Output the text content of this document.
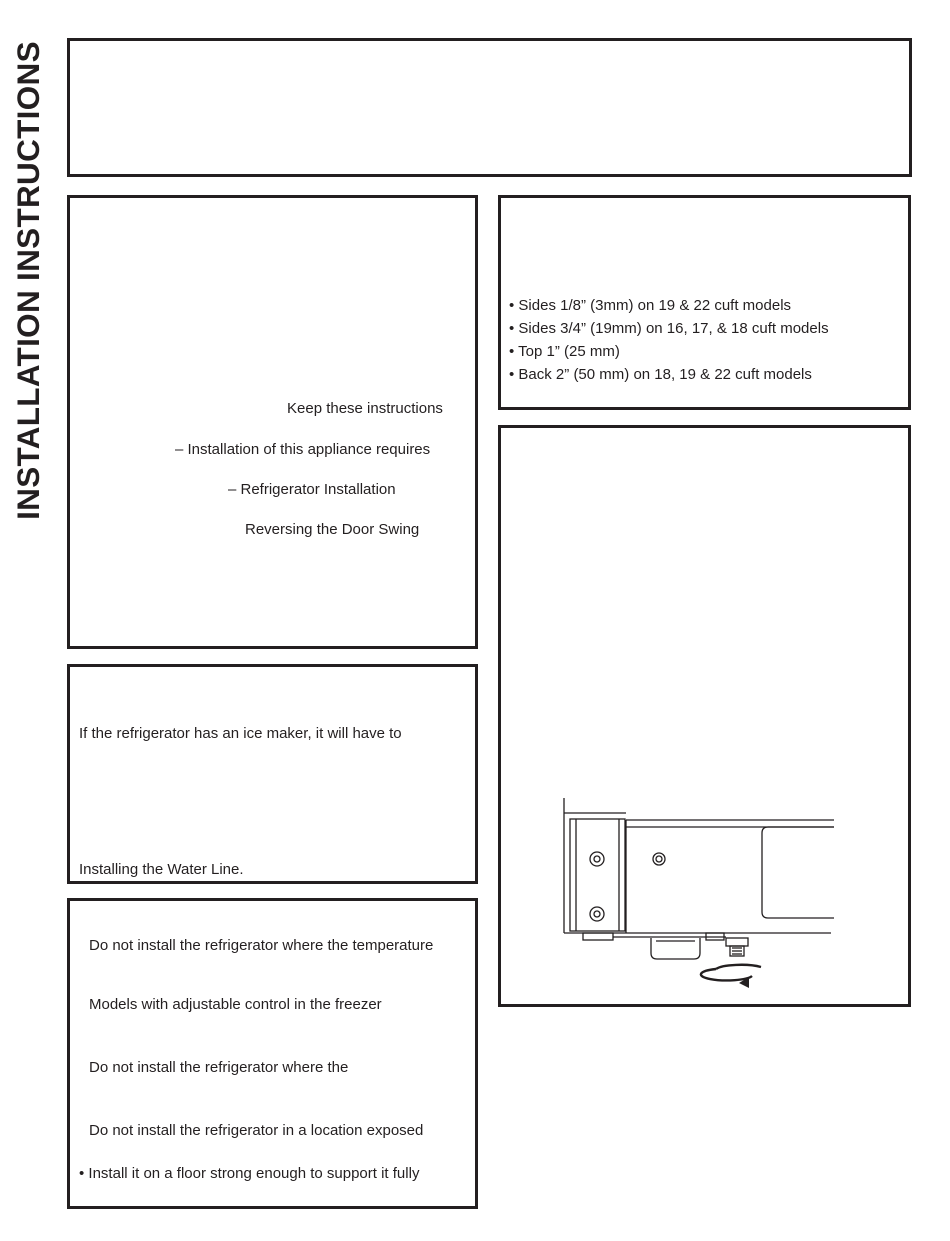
INSTALLATION INSTRUCTIONS	Keep these instructions
– Installation of this appliance requires
– Refrigerator Installation
Reversing the Door Swing
• Sides 1/8” (3mm) on 19 & 22 cuft models
• Sides 3/4” (19mm) on 16, 17, & 18 cuft models
• Top 1” (25 mm)
• Back 2” (50 mm) on 18, 19 & 22 cuft models
If the refrigerator has an ice maker, it will have to
Installing the Water Line.
Do not install the refrigerator where the temperature
Models with adjustable control in the freezer
Do not install the refrigerator where the
Do not install the refrigerator in a location exposed
• Install it on a floor strong enough to support it fully
